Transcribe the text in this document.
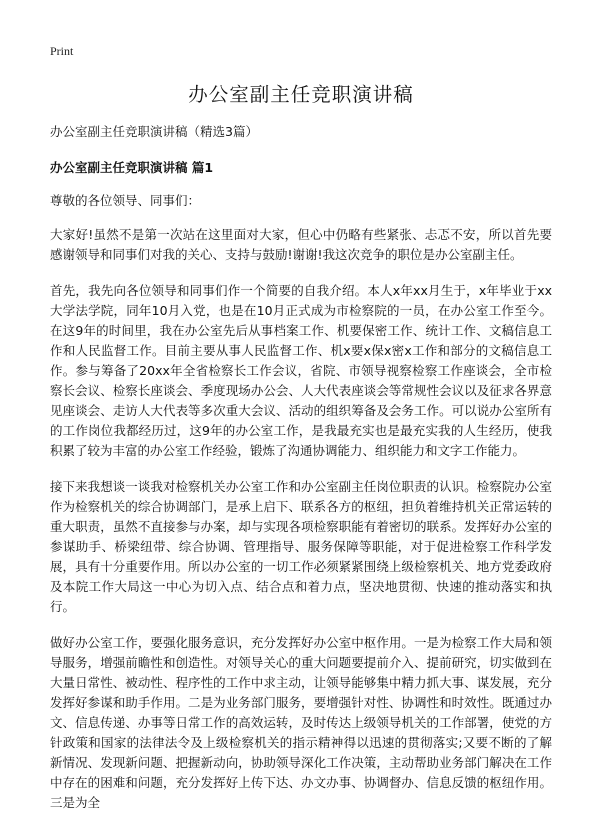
Print
办公室副主任竞职演讲稿
办公室副主任竞职演讲稿（精选3篇）
办公室副主任竞职演讲稿 篇1
尊敬的各位领导、同事们：

大家好!虽然不是第一次站在这里面对大家，但心中仍略有些紧张、忐忑不安，所以首先要感谢领导和同事们对我的关心、支持与鼓励!谢谢!我这次竞争的职位是办公室副主任。

首先，我先向各位领导和同事们作一个简要的自我介绍。本人x年xx月生于，x年毕业于xx大学法学院，同年10月入党，也是在10月正式成为市检察院的一员，在办公室工作至今。在这9年的时间里，我在办公室先后从事档案工作、机要保密工作、统计工作、文稿信息工作和人民监督工作。目前主要从事人民监督工作、机x要x保x密x工作和部分的文稿信息工作。参与筹备了20xx年全省检察长工作会议，省院、市领导视察检察工作座谈会，全市检察长会议、检察长座谈会、季度现场办公会、人大代表座谈会等常规性会议以及征求各界意见座谈会、走访人大代表等多次重大会议、活动的组织筹备及会务工作。可以说办公室所有的工作岗位我都经历过，这9年的办公室工作，是我最充实也是最充实我的人生经历，使我积累了较为丰富的办公室工作经验，锻炼了沟通协调能力、组织能力和文字工作能力。

接下来我想谈一谈我对检察机关办公室工作和办公室副主任岗位职责的认识。检察院办公室作为检察机关的综合协调部门，是承上启下、联系各方的枢纽，担负着维持机关正常运转的重大职责，虽然不直接参与办案，却与实现各项检察职能有着密切的联系。发挥好办公室的参谋助手、桥梁纽带、综合协调、管理指导、服务保障等职能，对于促进检察工作科学发展，具有十分重要作用。所以办公室的一切工作必须紧紧围绕上级检察机关、地方党委政府及本院工作大局这一中心为切入点、结合点和着力点，坚决地贯彻、快速的推动落实和执行。

做好办公室工作，要强化服务意识，充分发挥好办公室中枢作用。一是为检察工作大局和领导服务，增强前瞻性和创造性。对领导关心的重大问题要提前介入、提前研究，切实做到在大量日常性、被动性、程序性的工作中求主动，让领导能够集中精力抓大事、谋发展，充分发挥好参谋和助手作用。二是为业务部门服务，要增强针对性、协调性和时效性。既通过办文、信息传递、办事等日常工作的高效运转，及时传达上级领导机关的工作部署，使党的方针政策和国家的法律法令及上级检察机关的指示精神得以迅速的贯彻落实;又要不断的了解新情况、发现新问题、把握新动向，协助领导深化工作决策，主动帮助业务部门解决在工作中存在的困难和问题，充分发挥好上传下达、办文办事、协调督办、信息反馈的枢纽作用。三是为全
